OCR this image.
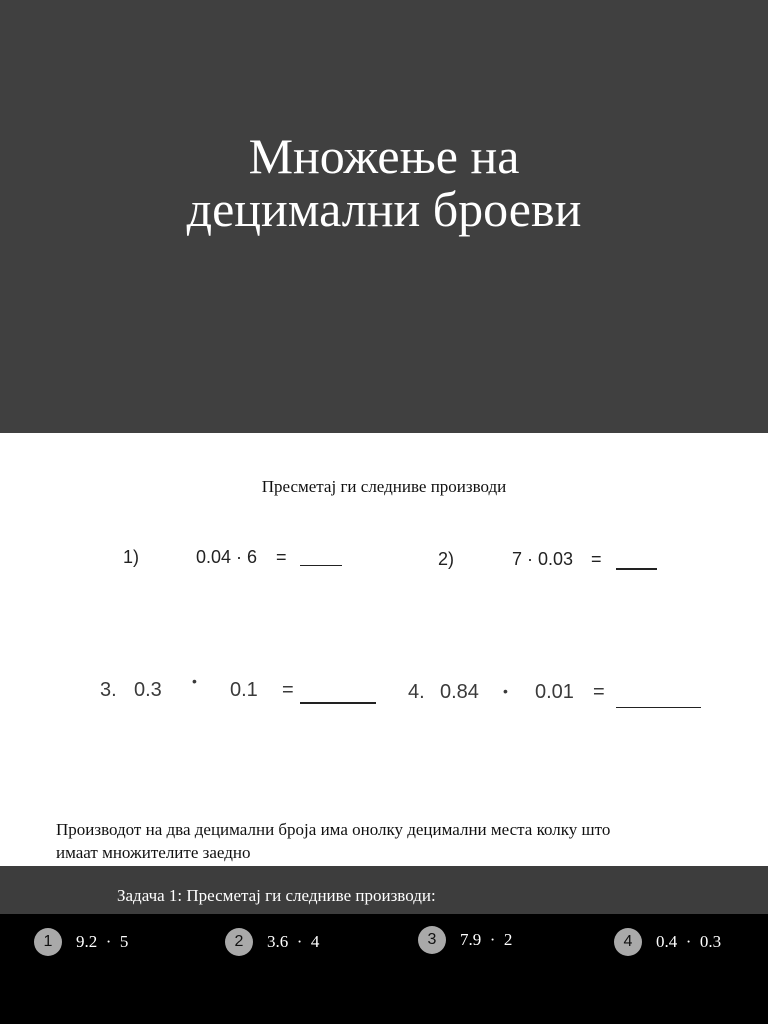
Множење на
децимални броеви
Пресметај ги следниве производи
1)	0.04 · 6 =	2)	7 · 0.03 =
3. 0.3 • 0.1 =	4. 0.84 • 0.01 =
Производот на два децимални броја има онолку децимални места колку што
имаат множителите заедно
Задача 1: Пресметај ги следниве производи:
1	9.2  ·  5	2	3.6  ·  4	3	7.9  ·  2	4	0.4  ·  0.3
